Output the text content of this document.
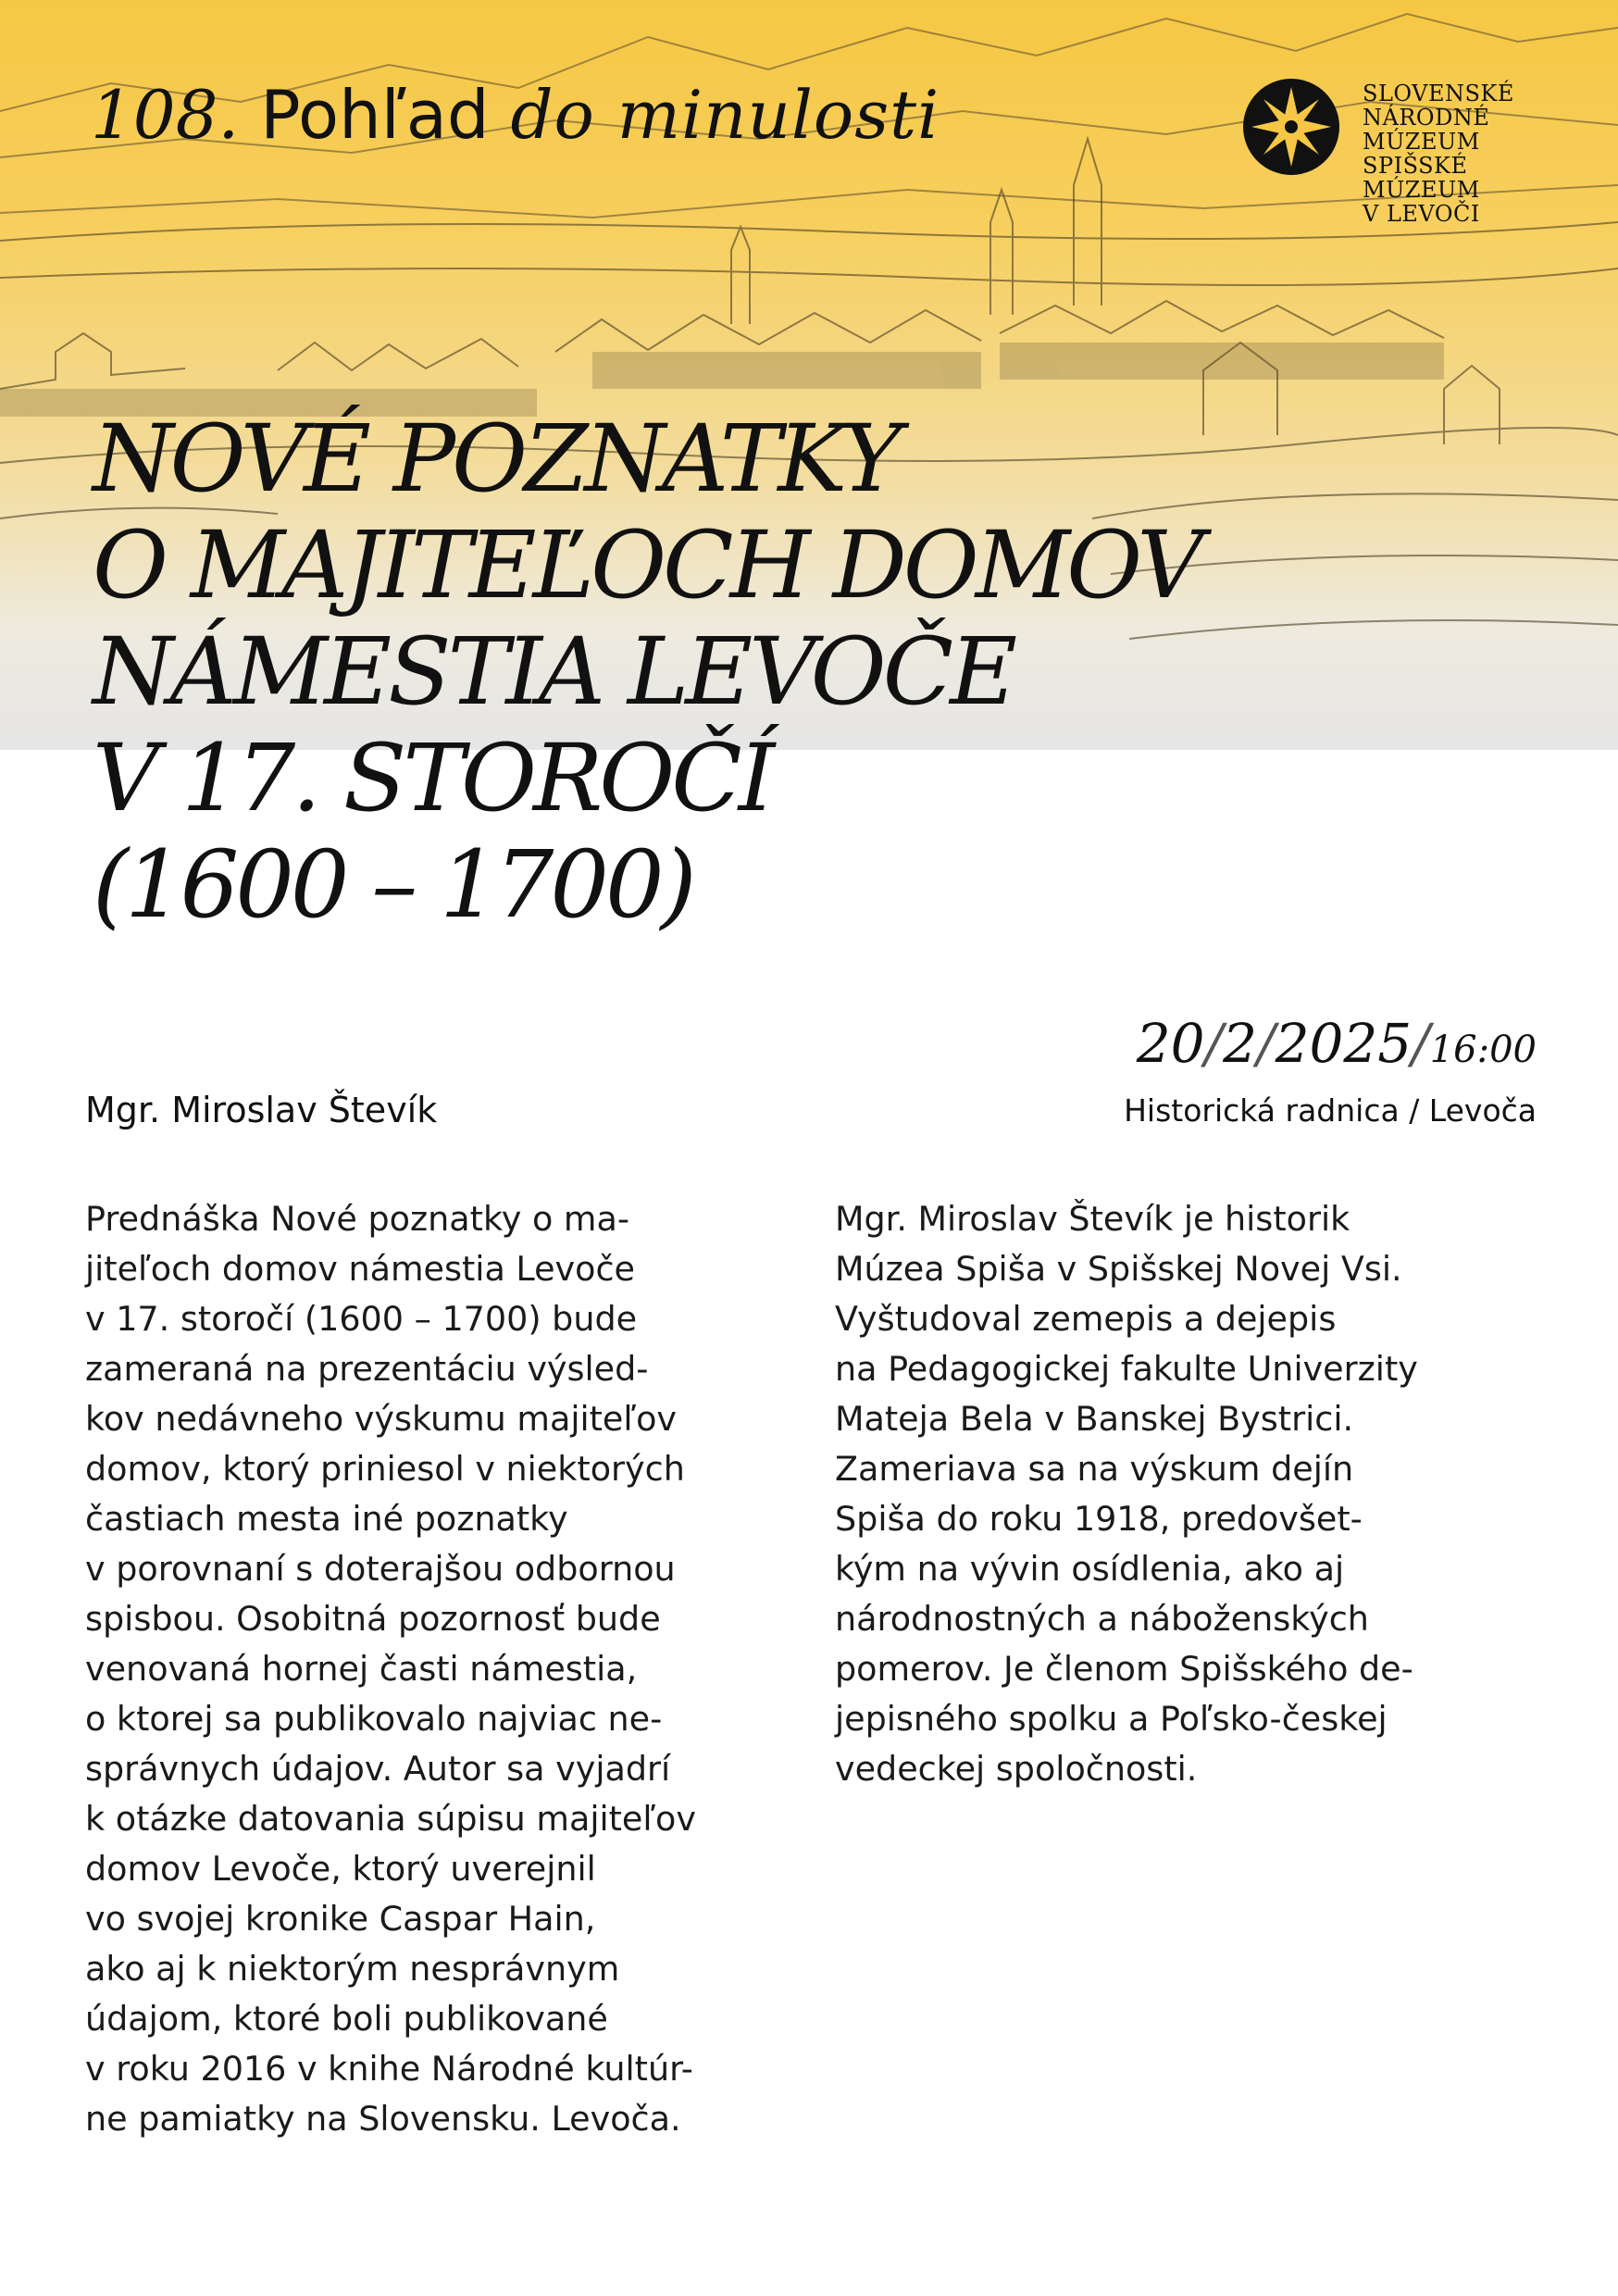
108. Pohľad do minulosti	SLOVENSKÉ
NÁRODNÉ
MÚZEUM
SPIŠSKÉ
MÚZEUM
V LEVOČI
NOVÉ POZNATKY
O MAJITEĽOCH DOMOV
NÁMESTIA LEVOČE
V 17. STOROČÍ
(1600 – 1700)
20/2/2025/16:00
Historická radnica / Levoča
Mgr. Miroslav Števík
Prednáška Nové poznatky o ma-
jiteľoch domov námestia Levoče
v 17. storočí (1600 – 1700) bude
zameraná na prezentáciu výsled-
kov nedávneho výskumu majiteľov
domov, ktorý priniesol v niektorých
častiach mesta iné poznatky
v porovnaní s doterajšou odbornou
spisbou. Osobitná pozornosť bude
venovaná hornej časti námestia,
o ktorej sa publikovalo najviac ne-
správnych údajov. Autor sa vyjadrí
k otázke datovania súpisu majiteľov
domov Levoče, ktorý uverejnil
vo svojej kronike Caspar Hain,
ako aj k niektorým nesprávnym
údajom, ktoré boli publikované
v roku 2016 v knihe Národné kultúr-
ne pamiatky na Slovensku. Levoča.
Mgr. Miroslav Števík je historik
Múzea Spiša v Spišskej Novej Vsi.
Vyštudoval zemepis a dejepis
na Pedagogickej fakulte Univerzity
Mateja Bela v Banskej Bystrici.
Zameriava sa na výskum dejín
Spiša do roku 1918, predovšet-
kým na vývin osídlenia, ako aj
národnostných a náboženských
pomerov. Je členom Spišského de-
jepisného spolku a Poľsko-českej
vedeckej spoločnosti.
